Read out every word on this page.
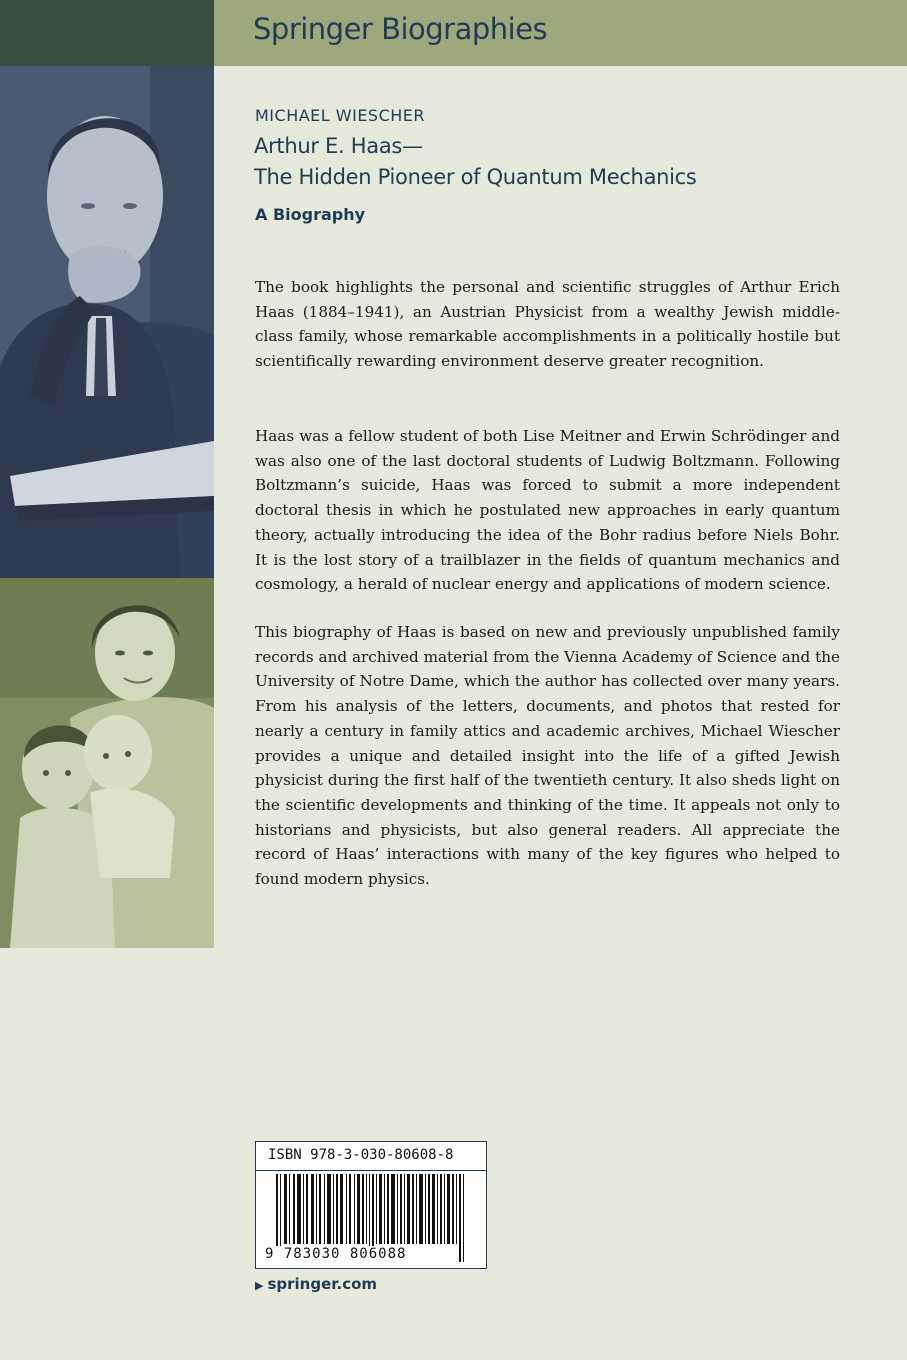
Springer Biographies
MICHAEL WIESCHER
Arthur E. Haas—
The Hidden Pioneer of Quantum Mechanics
A Biography

The book highlights the personal and scientific struggles of Arthur Erich Haas (1884–1941), an Austrian Physicist from a wealthy Jewish middle-class family, whose remarkable accomplishments in a politically hostile but scientifically rewarding environment deserve greater recognition.

Haas was a fellow student of both Lise Meitner and Erwin Schrödinger and was also one of the last doctoral students of Ludwig Boltzmann. Following Boltzmann’s suicide, Haas was forced to submit a more independent doctoral thesis in which he postulated new approaches in early quantum theory, actually introducing the idea of the Bohr radius before Niels Bohr. It is the lost story of a trailblazer in the fields of quantum mechanics and cosmology, a herald of nuclear energy and applications of modern science.

This biography of Haas is based on new and previously unpublished family records and archived material from the Vienna Academy of Science and the University of Notre Dame, which the author has collected over many years. From his analysis of the letters, documents, and photos that rested for nearly a century in family attics and academic archives, Michael Wiescher provides a unique and detailed insight into the life of a gifted Jewish physicist during the first half of the twentieth century. It also sheds light on the scientific developments and thinking of the time. It appeals not only to historians and physicists, but also general readers. All appreciate the record of Haas’ interactions with many of the key figures who helped to found modern physics.

ISBN 978-3-030-80608-8
9 783030 806088
▶ springer.com
